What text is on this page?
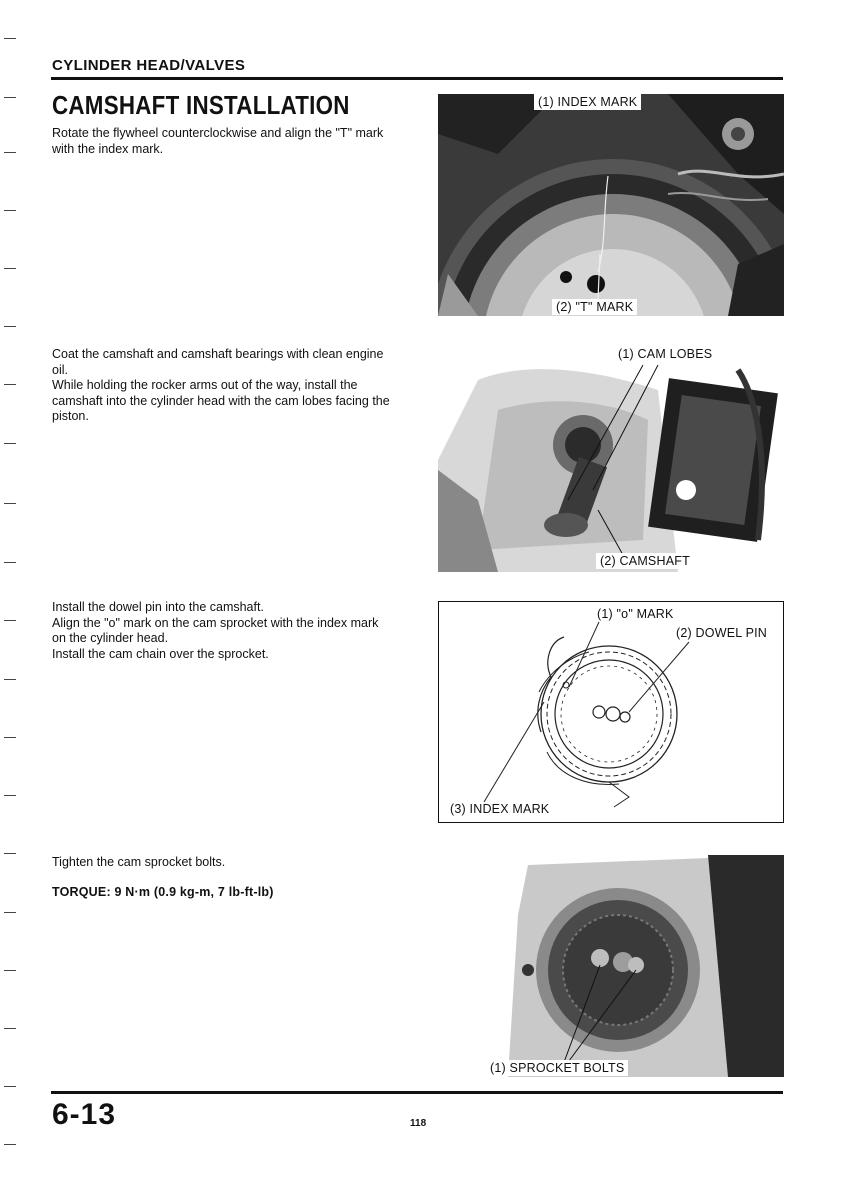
CYLINDER HEAD/VALVES
CAMSHAFT INSTALLATION

Rotate the flywheel counterclockwise and align the "T" mark

with the index mark.

(1) INDEX MARK
(2) "T" MARK

Coat the camshaft and camshaft bearings with clean engine

oil.

While holding the rocker arms out of the way, install the

camshaft into the cylinder head with the cam lobes facing the

piston.

(1) CAM LOBES
(2) CAMSHAFT

Install the dowel pin into the camshaft.

Align the "o" mark on the cam sprocket with the index mark

on the cylinder head.

Install the cam chain over the sprocket.

(1) "o" MARK
(2) DOWEL PIN
(3) INDEX MARK

Tighten the cam sprocket bolts.

TORQUE: 9 N·m (0.9 kg-m, 7 lb-ft-lb)
(1) SPROCKET BOLTS
6-13	118
